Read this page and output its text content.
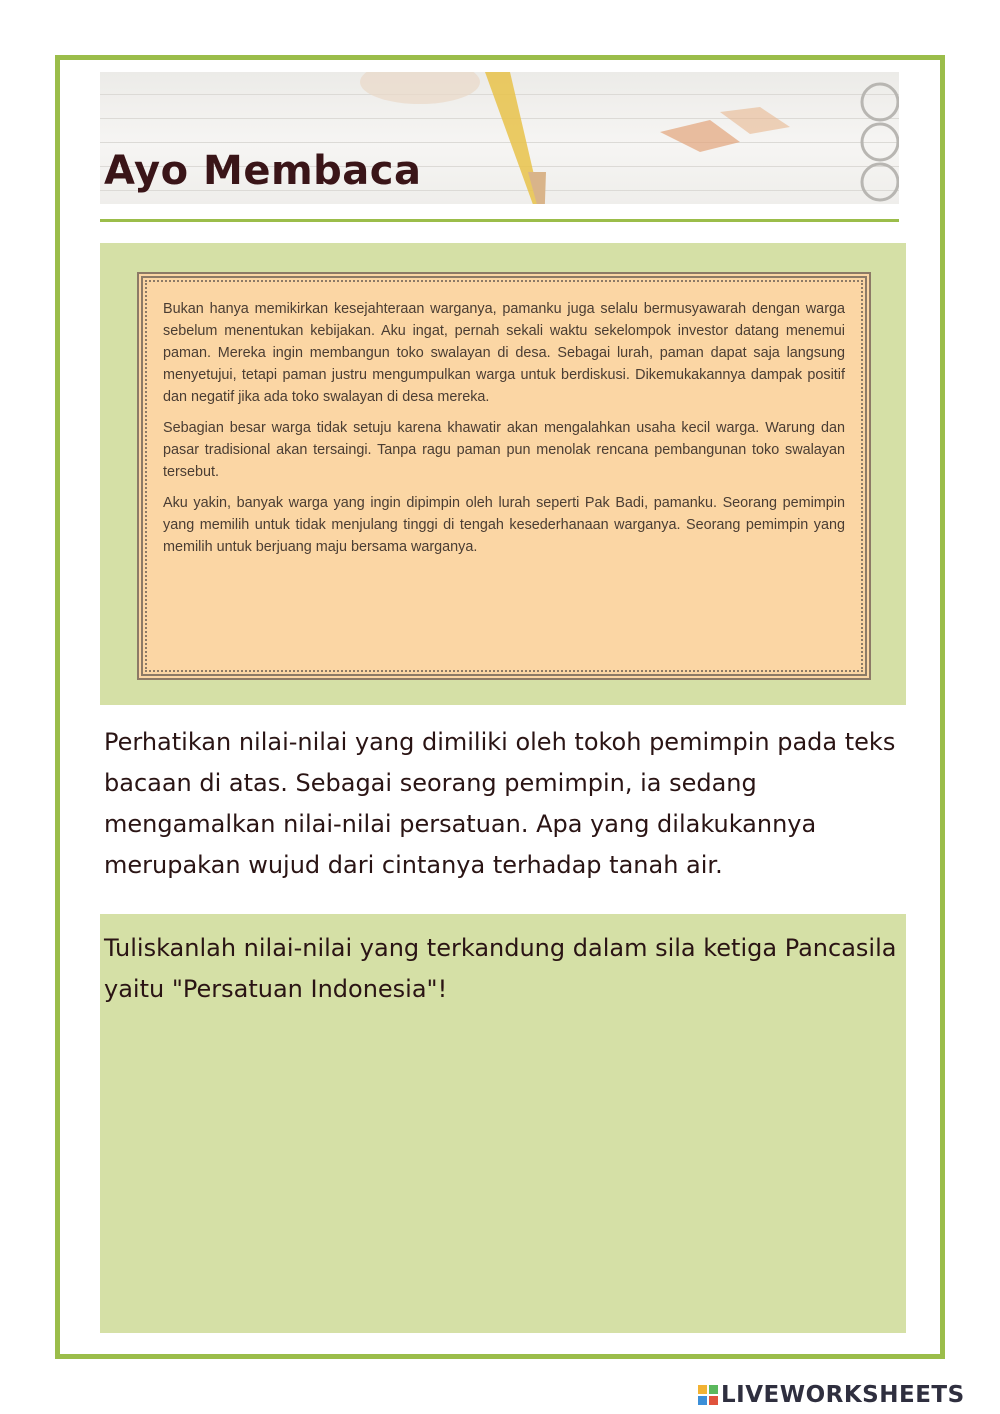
Ayo Membaca

Bukan hanya memikirkan kesejahteraan warganya, pamanku juga selalu bermusyawarah dengan warga sebelum menentukan kebijakan. Aku ingat, pernah sekali waktu sekelompok investor datang menemui paman. Mereka ingin membangun toko swalayan di desa. Sebagai lurah, paman dapat saja langsung menyetujui, tetapi paman justru mengumpulkan warga untuk berdiskusi. Dikemukakannya dampak positif dan negatif jika ada toko swalayan di desa mereka.

Sebagian besar warga tidak setuju karena khawatir akan mengalahkan usaha kecil warga. Warung dan pasar tradisional akan tersaingi. Tanpa ragu paman pun menolak rencana pembangunan toko swalayan tersebut.

Aku yakin, banyak warga yang ingin dipimpin oleh lurah seperti Pak Badi, pamanku. Seorang pemimpin yang memilih untuk tidak menjulang tinggi di tengah kesederhanaan warganya. Seorang pemimpin yang memilih untuk berjuang maju bersama warganya.

Perhatikan nilai-nilai yang dimiliki oleh tokoh pemimpin pada teks bacaan di atas. Sebagai seorang pemimpin, ia sedang mengamalkan nilai-nilai persatuan. Apa yang dilakukannya merupakan wujud dari cintanya terhadap tanah air.
Tuliskanlah nilai-nilai yang terkandung dalam sila ketiga Pancasila yaitu "Persatuan Indonesia"!
LIVEWORKSHEETS
